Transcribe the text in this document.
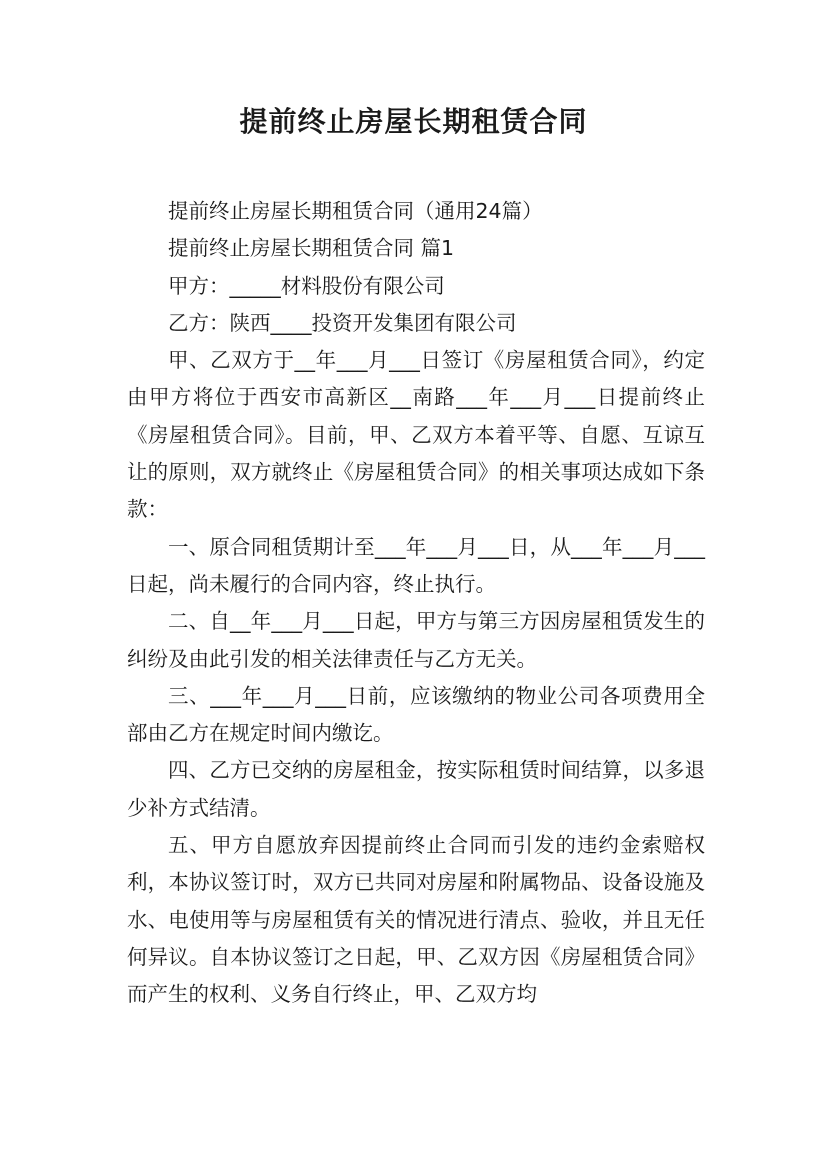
提前终止房屋长期租赁合同

提前终止房屋长期租赁合同（通用24篇）

提前终止房屋长期租赁合同 篇1

甲方：_____材料股份有限公司

乙方：陕西____投资开发集团有限公司

甲、乙双方于__年___月___日签订《房屋租赁合同》，约定由甲方将位于西安市高新区__南路___年___月___日提前终止《房屋租赁合同》。目前，甲、乙双方本着平等、自愿、互谅互让的原则，双方就终止《房屋租赁合同》的相关事项达成如下条款：

一、原合同租赁期计至___年___月___日，从___年___月___日起，尚未履行的合同内容，终止执行。

二、自__年___月___日起，甲方与第三方因房屋租赁发生的纠纷及由此引发的相关法律责任与乙方无关。

三、___年___月___日前，应该缴纳的物业公司各项费用全部由乙方在规定时间内缴讫。

四、乙方已交纳的房屋租金，按实际租赁时间结算，以多退少补方式结清。

五、甲方自愿放弃因提前终止合同而引发的违约金索赔权利，本协议签订时，双方已共同对房屋和附属物品、设备设施及水、电使用等与房屋租赁有关的情况进行清点、验收，并且无任何异议。自本协议签订之日起，甲、乙双方因《房屋租赁合同》而产生的权利、义务自行终止，甲、乙双方均
